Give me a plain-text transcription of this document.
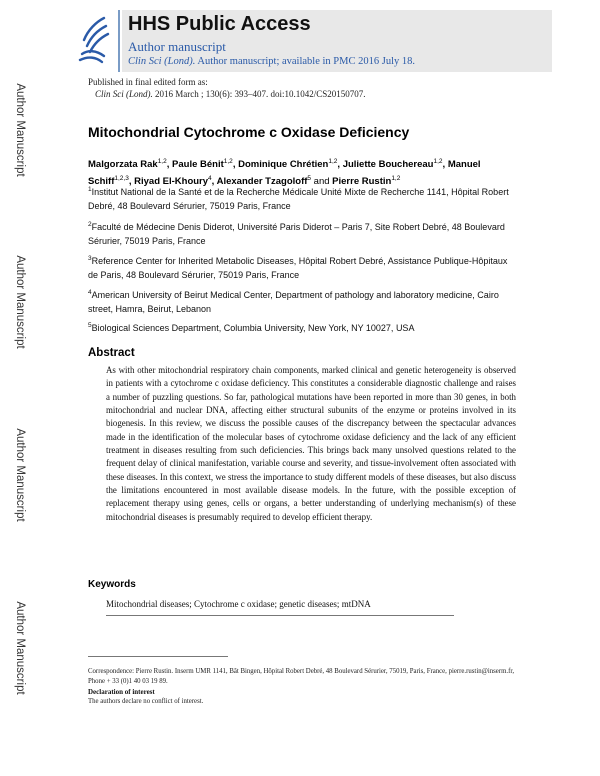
Author Manuscript
Author Manuscript
Author Manuscript
Author Manuscript
HHS Public Access
Author manuscript
Clin Sci (Lond). Author manuscript; available in PMC 2016 July 18.
Published in final edited form as:
Clin Sci (Lond). 2016 March ; 130(6): 393–407. doi:10.1042/CS20150707.
Mitochondrial Cytochrome c Oxidase Deficiency
Malgorzata Rak$^{1,2}$, Paule Bénit$^{1,2}$, Dominique Chrétien$^{1,2}$, Juliette Bouchereau$^{1,2}$, Manuel Schiff$^{1,2,3}$, Riyad El-Khoury$^4$, Alexander Tzagoloff$^5$ and Pierre Rustin$^{1,2}$
$^1$Institut National de la Santé et de la Recherche Médicale Unité Mixte de Recherche 1141, Hôpital Robert Debré, 48 Boulevard Sérurier, 75019 Paris, France
$^2$Faculté de Médecine Denis Diderot, Université Paris Diderot – Paris 7, Site Robert Debré, 48 Boulevard Sérurier, 75019 Paris, France
$^3$Reference Center for Inherited Metabolic Diseases, Hôpital Robert Debré, Assistance Publique-Hôpitaux de Paris, 48 Boulevard Sérurier, 75019 Paris, France
$^4$American University of Beirut Medical Center, Department of pathology and laboratory medicine, Cairo street, Hamra, Beirut, Lebanon
$^5$Biological Sciences Department, Columbia University, New York, NY 10027, USA
Abstract
As with other mitochondrial respiratory chain components, marked clinical and genetic heterogeneity is observed in patients with a cytochrome c oxidase deficiency. This constitutes a considerable diagnostic challenge and raises a number of puzzling questions. So far, pathological mutations have been reported in more than 30 genes, in both mitochondrial and nuclear DNA, affecting either structural subunits of the enzyme or proteins involved in its biogenesis. In this review, we discuss the possible causes of the discrepancy between the spectacular advances made in the identification of the molecular bases of cytochrome oxidase deficiency and the lack of any efficient treatment in diseases resulting from such deficiencies. This brings back many unsolved questions related to the frequent delay of clinical manifestation, variable course and severity, and tissue-involvement often associated with these diseases. In this context, we stress the importance to study different models of these diseases, but also discuss the limitations encountered in most available disease models. In the future, with the possible exception of replacement therapy using genes, cells or organs, a better understanding of underlying mechanism(s) of these mitochondrial diseases is presumably required to develop efficient therapy.
Keywords
Mitochondrial diseases; Cytochrome c oxidase; genetic diseases; mtDNA
Correspondence: Pierre Rustin. Inserm UMR 1141, Bât Bingen, Hôpital Robert Debré, 48 Boulevard Sérurier, 75019, Paris, France, pierre.rustin@inserm.fr, Phone + 33 (0)1 40 03 19 89.
Declaration of interest
The authors declare no conflict of interest.
